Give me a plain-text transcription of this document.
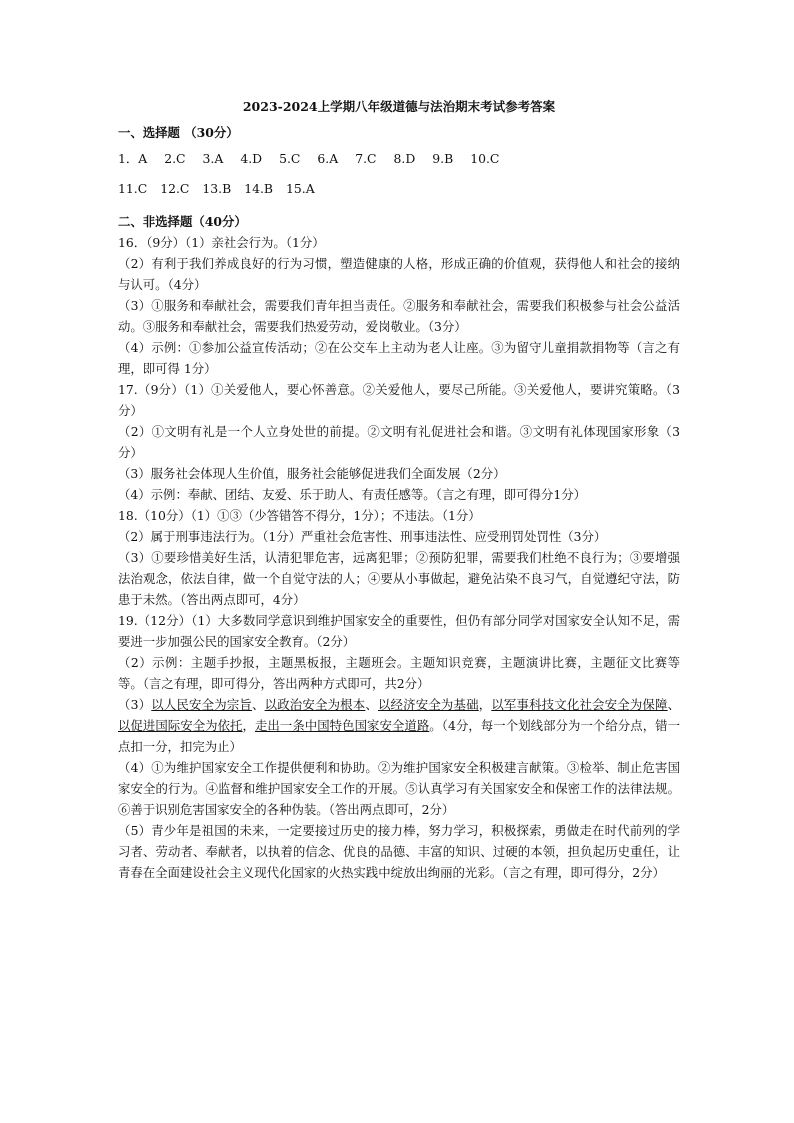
2023-2024上学期八年级道德与法治期末考试参考答案

一、选择题 （30分）

1．A 2.C 3.A 4.D 5.C 6.A 7.C 8.D 9.B 10.C
11.C 12.C 13.B 14.B 15.A

二、非选择题（40分）

16．（9分）（1）亲社会行为。（1分）

（2）有利于我们养成良好的行为习惯，塑造健康的人格，形成正确的价值观，获得他人和社会的接纳与认可。（4分）

（3）①服务和奉献社会，需要我们青年担当责任。②服务和奉献社会，需要我们积极参与社会公益活动。③服务和奉献社会，需要我们热爱劳动，爱岗敬业。（3分）

（4）示例：①参加公益宣传活动；②在公交车上主动为老人让座。③为留守儿童捐款捐物等（言之有理，即可得 1分）

17.（9分）（1）①关爱他人，要心怀善意。②关爱他人，要尽己所能。③关爱他人，要讲究策略。（3分）

（2）①文明有礼是一个人立身处世的前提。②文明有礼促进社会和谐。③文明有礼体现国家形象（3分）

（3）服务社会体现人生价值，服务社会能够促进我们全面发展（2分）

（4）示例：奉献、团结、友爱、乐于助人、有责任感等。（言之有理，即可得分1分）

18.（10分）（1）①③（少答错答不得分，1分）；不违法。（1分）

（2）属于刑事违法行为。（1分）严重社会危害性、刑事违法性、应受刑罚处罚性（3分）

（3）①要珍惜美好生活，认清犯罪危害，远离犯罪；②预防犯罪，需要我们杜绝不良行为；③要增强法治观念，依法自律，做一个自觉守法的人；④要从小事做起，避免沾染不良习气，自觉遵纪守法，防患于未然。（答出两点即可，4分）

19.（12分）（1）大多数同学意识到维护国家安全的重要性，但仍有部分同学对国家安全认知不足，需要进一步加强公民的国家安全教育。（2分）

（2）示例：主题手抄报，主题黑板报，主题班会。主题知识竞赛，主题演讲比赛，主题征文比赛等等。（言之有理，即可得分，答出两种方式即可，共2分）

（3）以人民安全为宗旨、以政治安全为根本、以经济安全为基础，以军事科技文化社会安全为保障、以促进国际安全为依托，走出一条中国特色国家安全道路。（4分，每一个划线部分为一个给分点，错一点扣一分，扣完为止）

（4）①为维护国家安全工作提供便利和协助。②为维护国家安全积极建言献策。③检举、制止危害国家安全的行为。④监督和维护国家安全工作的开展。⑤认真学习有关国家安全和保密工作的法律法规。⑥善于识别危害国家安全的各种伪装。（答出两点即可，2分）

（5）青少年是祖国的未来，一定要接过历史的接力棒，努力学习，积极探索，勇做走在时代前列的学习者、劳动者、奉献者，以执着的信念、优良的品德、丰富的知识、过硬的本领，担负起历史重任，让青春在全面建设社会主义现代化国家的火热实践中绽放出绚丽的光彩。（言之有理，即可得分，2分）
